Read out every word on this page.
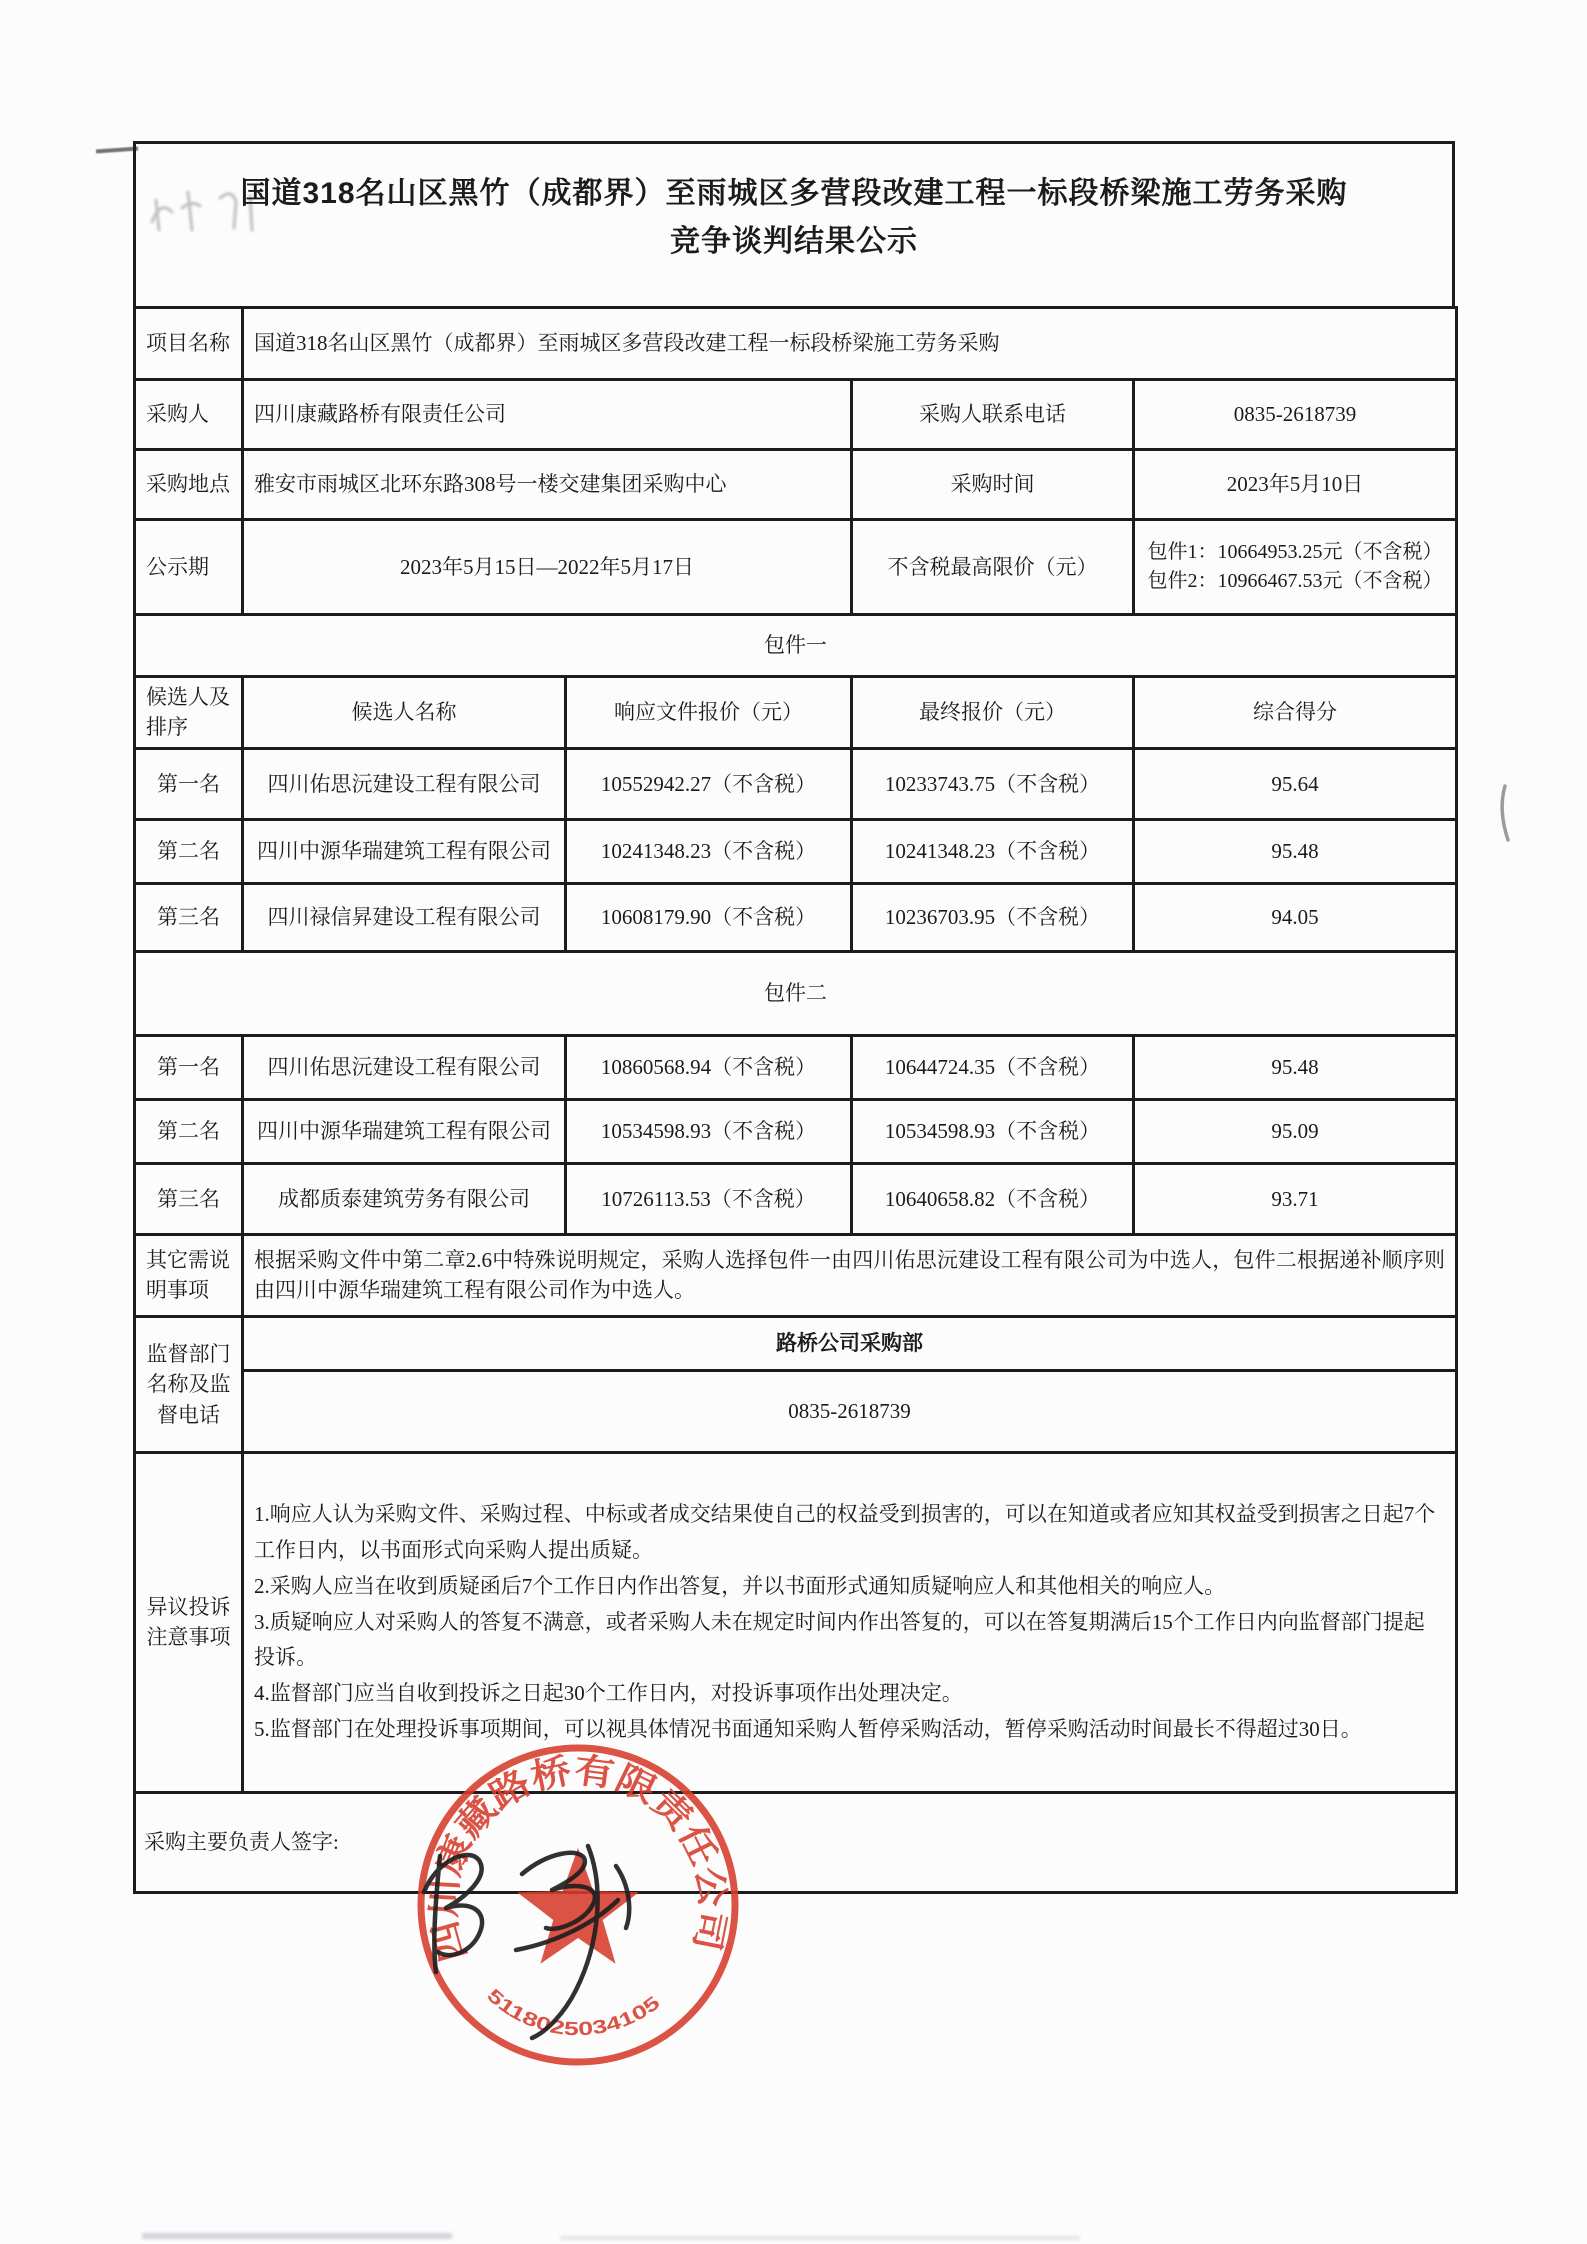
国道318名山区黑竹（成都界）至雨城区多营段改建工程一标段桥梁施工劳务采购
竞争谈判结果公示
项目名称	国道318名山区黑竹（成都界）至雨城区多营段改建工程一标段桥梁施工劳务采购			
采购人	四川康藏路桥有限责任公司		采购人联系电话	0835-2618739
采购地点	雅安市雨城区北环东路308号一楼交建集团采购中心		采购时间	2023年5月10日
公示期	2023年5月15日—2022年5月17日		不含税最高限价（元）	包件1：10664953.25元（不含税）
包件2：10966467.53元（不含税）

包件一				
候选人及排序	候选人名称	响应文件报价（元）	最终报价（元）	综合得分
第一名	四川佑思沅建设工程有限公司	10552942.27（不含税）	10233743.75（不含税）	95.64
第二名	四川中源华瑞建筑工程有限公司	10241348.23（不含税）	10241348.23（不含税）	95.48
第三名	四川禄信昇建设工程有限公司	10608179.90（不含税）	10236703.95（不含税）	94.05
包件二				
第一名	四川佑思沅建设工程有限公司	10860568.94（不含税）	10644724.35（不含税）	95.48
第二名	四川中源华瑞建筑工程有限公司	10534598.93（不含税）	10534598.93（不含税）	95.09
第三名	成都质泰建筑劳务有限公司	10726113.53（不含税）	10640658.82（不含税）	93.71
其它需说明事项	根据采购文件中第二章2.6中特殊说明规定，采购人选择包件一由四川佑思沅建设工程有限公司为中选人，包件二根据递补顺序则由四川中源华瑞建筑工程有限公司作为中选人。			
监督部门名称及监督电话	路桥公司采购部			
	0835-2618739			
异议投诉注意事项	1.响应人认为采购文件、采购过程、中标或者成交结果使自己的权益受到损害的，可以在知道或者应知其权益受到损害之日起7个工作日内，以书面形式向采购人提出质疑。
2.采购人应当在收到质疑函后7个工作日内作出答复，并以书面形式通知质疑响应人和其他相关的响应人。
3.质疑响应人对采购人的答复不满意，或者采购人未在规定时间内作出答复的，可以在答复期满后15个工作日内向监督部门提起投诉。
4.监督部门应当自收到投诉之日起30个工作日内，对投诉事项作出处理决定。
5.监督部门在处理投诉事项期间，可以视具体情况书面通知采购人暂停采购活动，暂停采购活动时间最长不得超过30日。			

采购主要负责人签字:				
四川康藏路桥有限责任公司
5118025034105
